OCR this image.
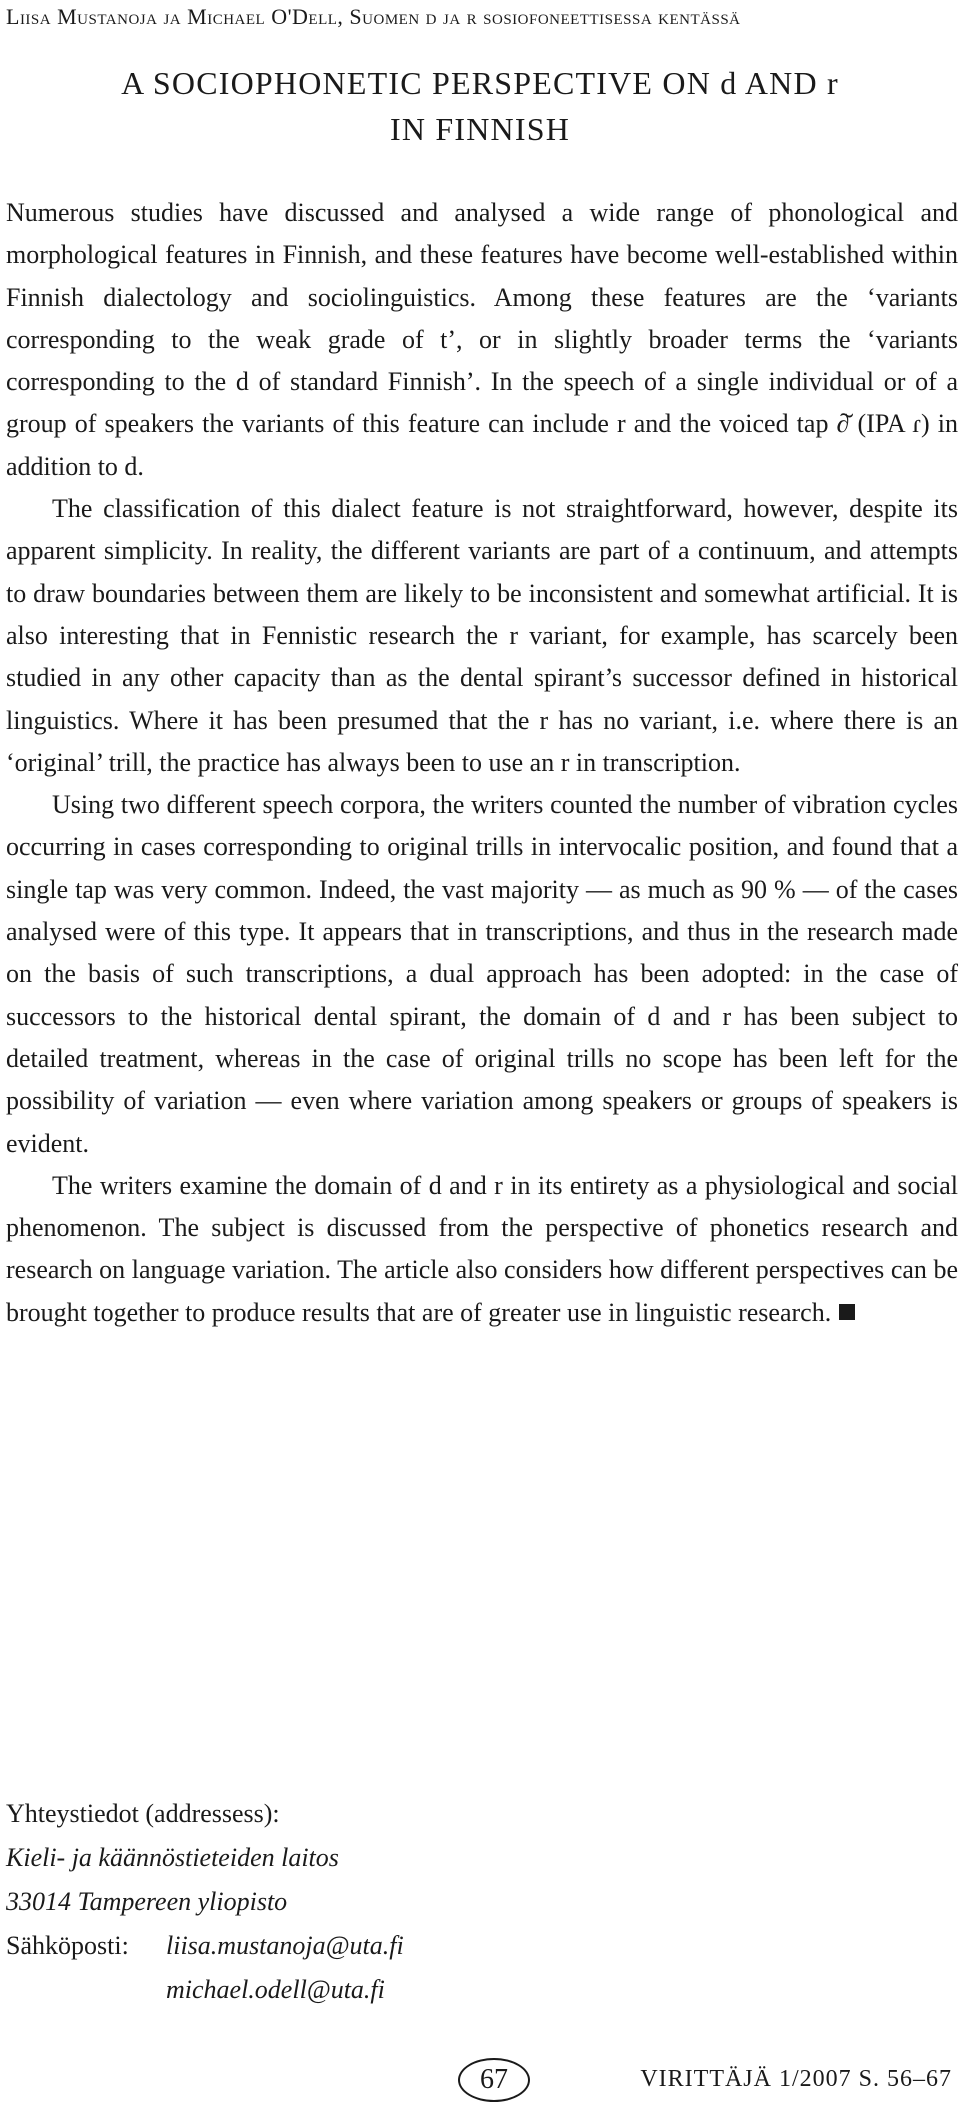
Liisa Mustanoja ja Michael O'Dell, Suomen d ja r sosiofoneettisessa kentässä
A SOCIOPHONETIC PERSPECTIVE ON d AND r
IN FINNISH

Numerous studies have discussed and analysed a wide range of phonological and morphological features in Finnish, and these features have become well-established within Finnish dialectology and sociolinguistics. Among these features are the ‘variants corresponding to the weak grade of t’, or in slightly broader terms the ‘variants corresponding to the d of standard Finnish’. In the speech of a single individual or of a group of speakers the variants of this feature can include r and the voiced tap ∂̆ (IPA ɾ) in addition to d.

The classification of this dialect feature is not straightforward, however, despite its apparent simplicity. In reality, the different variants are part of a continuum, and attempts to draw boundaries between them are likely to be inconsistent and somewhat artificial. It is also interesting that in Fennistic research the r variant, for example, has scarcely been studied in any other capacity than as the dental spirant’s successor defined in historical linguistics. Where it has been presumed that the r has no variant, i.e. where there is an ‘original’ trill, the practice has always been to use an r in transcription.

Using two different speech corpora, the writers counted the number of vibration cycles occurring in cases corresponding to original trills in intervocalic position, and found that a single tap was very common. Indeed, the vast majority — as much as 90 % — of the cases analysed were of this type. It appears that in transcriptions, and thus in the research made on the basis of such transcriptions, a dual approach has been adopted: in the case of successors to the historical dental spirant, the domain of d and r has been subject to detailed treatment, whereas in the case of original trills no scope has been left for the possibility of variation — even where variation among speakers or groups of speakers is evident.

The writers examine the domain of d and r in its entirety as a physiological and social phenomenon. The subject is discussed from the perspective of phonetics research and research on language variation. The article also considers how different perspectives can be brought together to produce results that are of greater use in linguistic research.

Yhteystiedot (addressess):
Kieli- ja käännöstieteiden laitos
33014 Tampereen yliopisto
Sähköposti:	liisa.mustanoja@uta.fi
michael.odell@uta.fi
67	VIRITTÄJÄ 1/2007 S. 56–67
